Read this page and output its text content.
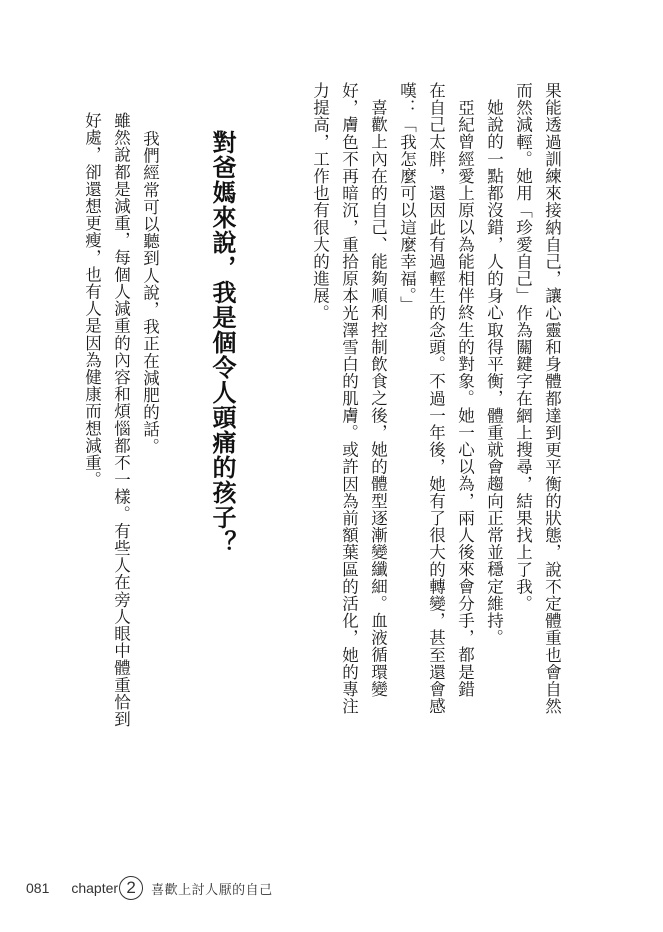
果能透過訓練來接納自己，讓心靈和身體都達到更平衡的狀態，說不定體重也會自然
而然減輕。她用「珍愛自己」作為關鍵字在網上搜尋，結果找上了我。
她說的一點都沒錯，人的身心取得平衡，體重就會趨向正常並穩定維持。
亞紀曾經愛上原以為能相伴終生的對象。她一心以為，兩人後來會分手，都是錯
在自己太胖，還因此有過輕生的念頭。不過一年後，她有了很大的轉變，甚至還會感
嘆：「我怎麼可以這麼幸福。」
喜歡上內在的自己、能夠順利控制飲食之後，她的體型逐漸變纖細。血液循環變
好，膚色不再暗沉，重拾原本光澤雪白的肌膚。或許因為前額葉區的活化，她的專注
力提高，工作也有很大的進展。
對爸媽來說，我是個令人頭痛的孩子？
我們經常可以聽到人說，我正在減肥的話。
雖然說都是減重，每個人減重的內容和煩惱都不一樣。有些人在旁人眼中體重恰到
好處，卻還想更瘦，也有人是因為健康而想減重。
081 chapter 2 喜歡上討人厭的自己
